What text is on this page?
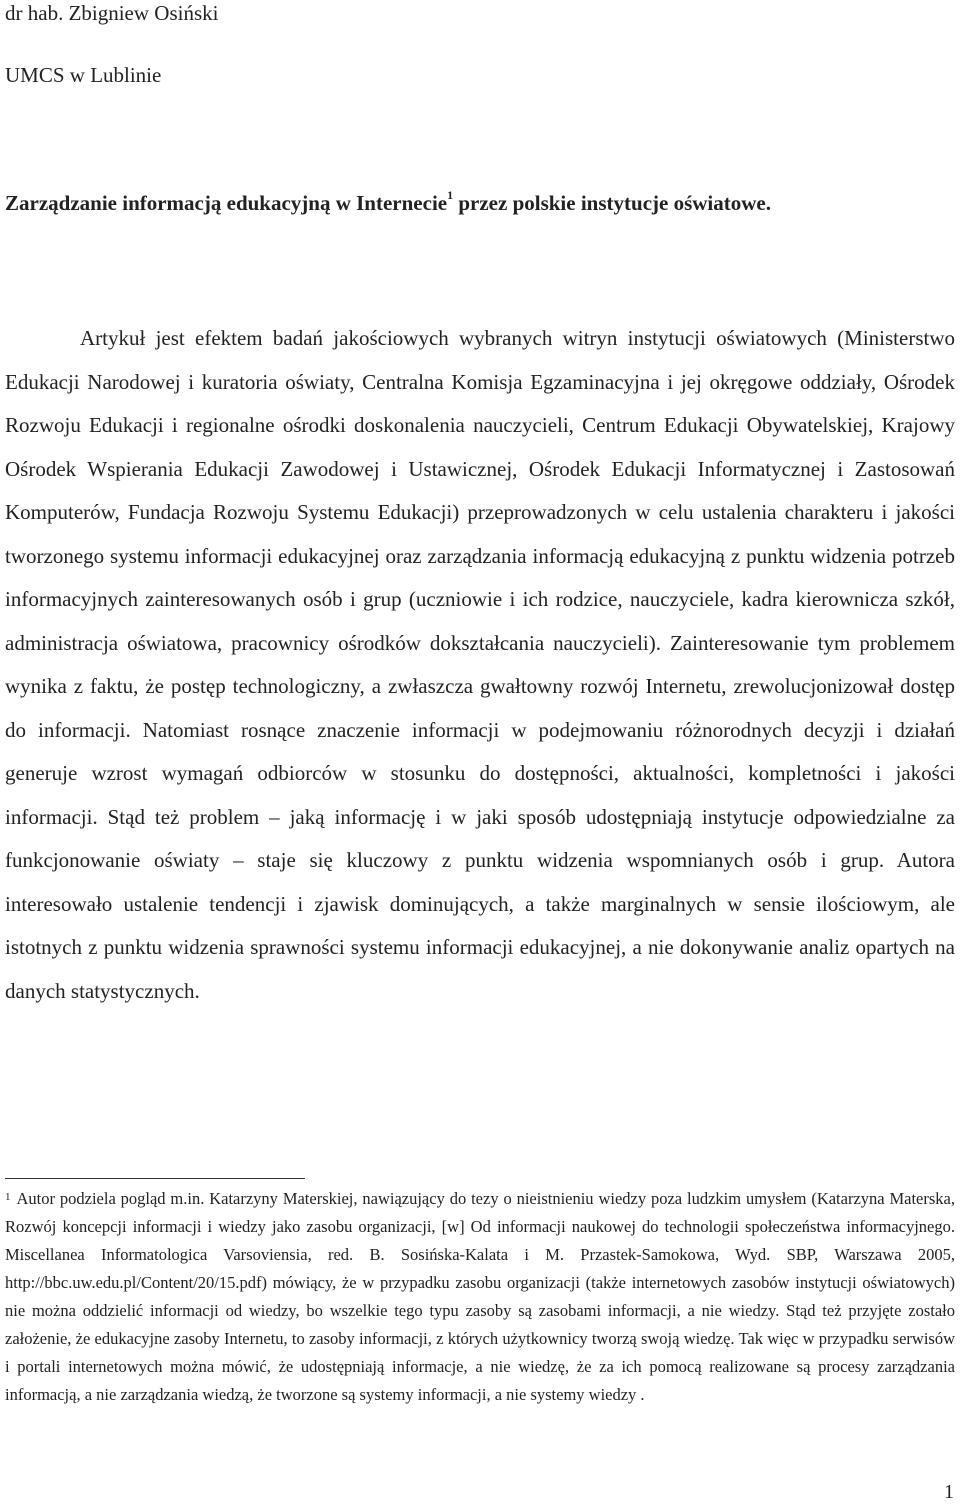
dr hab. Zbigniew Osiński
UMCS w Lublinie
Zarządzanie informacją edukacyjną w Internecie$^1$ przez polskie instytucje oświatowe.

Artykuł jest efektem badań jakościowych wybranych witryn instytucji oświatowych (Ministerstwo Edukacji Narodowej i kuratoria oświaty, Centralna Komisja Egzaminacyjna i jej okręgowe oddziały, Ośrodek Rozwoju Edukacji i regionalne ośrodki doskonalenia nauczycieli, Centrum Edukacji Obywatelskiej, Krajowy Ośrodek Wspierania Edukacji Zawodowej i Ustawicznej, Ośrodek Edukacji Informatycznej i Zastosowań Komputerów, Fundacja Rozwoju Systemu Edukacji) przeprowadzonych w celu ustalenia charakteru i jakości tworzonego systemu informacji edukacyjnej oraz zarządzania informacją edukacyjną z punktu widzenia potrzeb informacyjnych zainteresowanych osób i grup (uczniowie i ich rodzice, nauczyciele, kadra kierownicza szkół, administracja oświatowa, pracownicy ośrodków dokształcania nauczycieli). Zainteresowanie tym problemem wynika z faktu, że postęp technologiczny, a zwłaszcza gwałtowny rozwój Internetu, zrewolucjonizował dostęp do informacji. Natomiast rosnące znaczenie informacji w podejmowaniu różnorodnych decyzji i działań generuje wzrost wymagań odbiorców w stosunku do dostępności, aktualności, kompletności i jakości informacji. Stąd też problem – jaką informację i w jaki sposób udostępniają instytucje odpowiedzialne za funkcjonowanie oświaty – staje się kluczowy z punktu widzenia wspomnianych osób i grup. Autora interesowało ustalenie tendencji i zjawisk dominujących, a także marginalnych w sensie ilościowym, ale istotnych z punktu widzenia sprawności systemu informacji edukacyjnej, a nie dokonywanie analiz opartych na danych statystycznych.

$^1$ Autor podziela pogląd m.in. Katarzyny Materskiej, nawiązujący do tezy o nieistnieniu wiedzy poza ludzkim umysłem (Katarzyna Materska, Rozwój koncepcji informacji i wiedzy jako zasobu organizacji, [w] Od informacji naukowej do technologii społeczeństwa informacyjnego. Miscellanea Informatologica Varsoviensia, red. B. Sosińska-Kalata i M. Przastek-Samokowa, Wyd. SBP, Warszawa 2005, http://bbc.uw.edu.pl/Content/20/15.pdf) mówiący, że w przypadku zasobu organizacji (także internetowych zasobów instytucji oświatowych) nie można oddzielić informacji od wiedzy, bo wszelkie tego typu zasoby są zasobami informacji, a nie wiedzy. Stąd też przyjęte zostało założenie, że edukacyjne zasoby Internetu, to zasoby informacji, z których użytkownicy tworzą swoją wiedzę. Tak więc w przypadku serwisów i portali internetowych można mówić, że udostępniają informacje, a nie wiedzę, że za ich pomocą realizowane są procesy zarządzania informacją, a nie zarządzania wiedzą, że tworzone są systemy informacji, a nie systemy wiedzy .

1
